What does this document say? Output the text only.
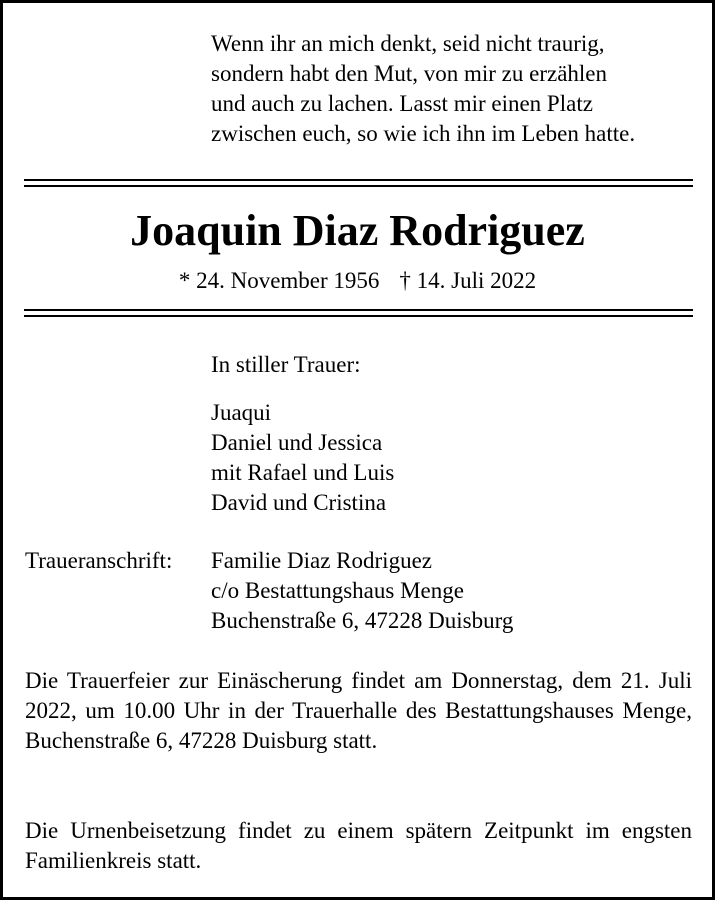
Wenn ihr an mich denkt, seid nicht traurig,
sondern habt den Mut, von mir zu erzählen
und auch zu lachen. Lasst mir einen Platz
zwischen euch, so wie ich ihn im Leben hatte.
Joaquin Diaz Rodriguez
* 24. November 1956 † 14. Juli 2022
In stiller Trauer:
Juaqui
Daniel und Jessica
mit Rafael und Luis
David und Cristina
Traueranschrift: Familie Diaz Rodriguez
c/o Bestattungshaus Menge
Buchenstraße 6, 47228 Duisburg
Die Trauerfeier zur Einäscherung findet am Donnerstag, dem 21. Juli 2022, um 10.00 Uhr in der Trauerhalle des Bestattungshauses Menge, Buchenstraße 6, 47228 Duisburg statt.
Die Urnenbeisetzung findet zu einem spätern Zeitpunkt im engsten Familienkreis statt.
